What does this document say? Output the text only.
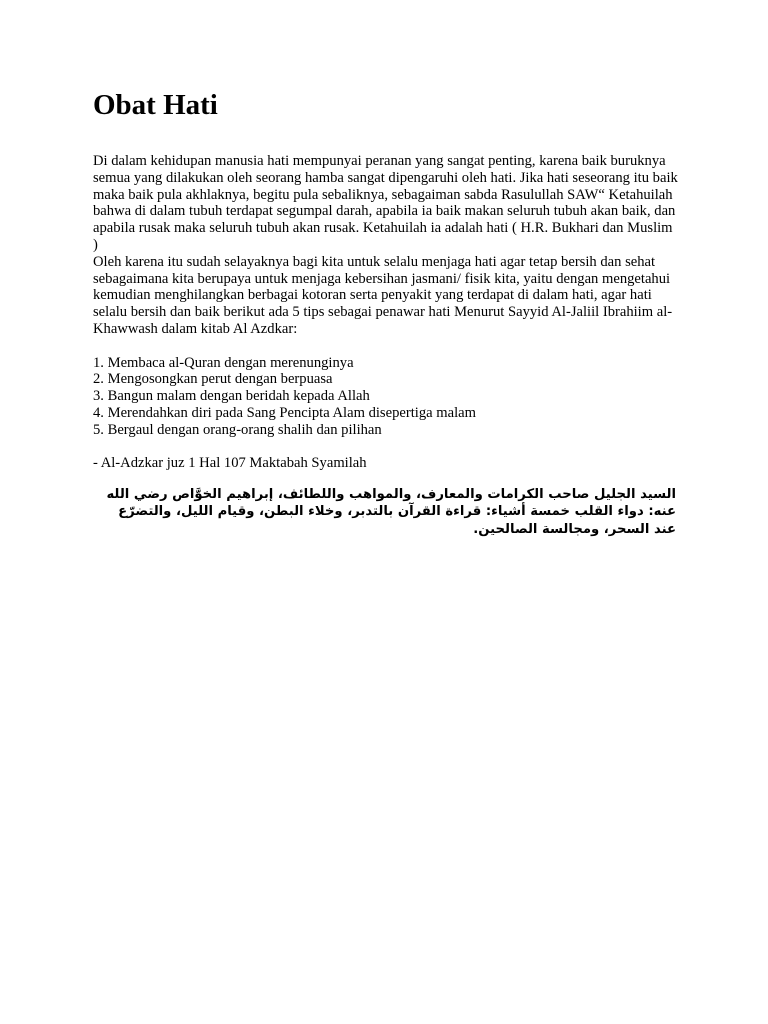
Obat Hati

Di dalam kehidupan manusia hati mempunyai peranan yang sangat penting, karena baik buruknya semua yang dilakukan oleh seorang hamba sangat dipengaruhi oleh hati. Jika hati seseorang itu baik maka baik pula akhlaknya, begitu pula sebaliknya, sebagaiman sabda Rasulullah SAW“ Ketahuilah bahwa di dalam tubuh terdapat segumpal darah, apabila ia baik makan seluruh tubuh akan baik, dan apabila rusak maka seluruh tubuh akan rusak. Ketahuilah ia adalah hati ( H.R. Bukhari dan Muslim )

Oleh karena itu sudah selayaknya bagi kita untuk selalu menjaga hati agar tetap bersih dan sehat sebagaimana kita berupaya untuk menjaga kebersihan jasmani/ fisik kita, yaitu dengan mengetahui kemudian menghilangkan berbagai kotoran serta penyakit yang terdapat di dalam hati, agar hati selalu bersih dan baik berikut ada 5 tips sebagai penawar hati Menurut Sayyid Al-Jaliil Ibrahiim al-Khawwash dalam kitab Al Azdkar:

1. Membaca al-Quran dengan merenunginya
2. Mengosongkan perut dengan berpuasa
3. Bangun malam dengan beridah kepada Allah
4. Merendahkan diri pada Sang Pencipta Alam disepertiga malam
5. Bergaul dengan orang-orang shalih dan pilihan

- Al-Adzkar juz 1 Hal 107 Maktabah Syamilah

السيد الجليل صاحب الكرامات والمعارف، والمواهب واللطائف، إبراهيم الخوَّاص رضي الله عنه: دواء القلب خمسة أشياء: قراءة القرآن بالتدبر، وخلاء البطن، وقيام الليل، والتضرّع عند السحر، ومجالسة الصالحين.
